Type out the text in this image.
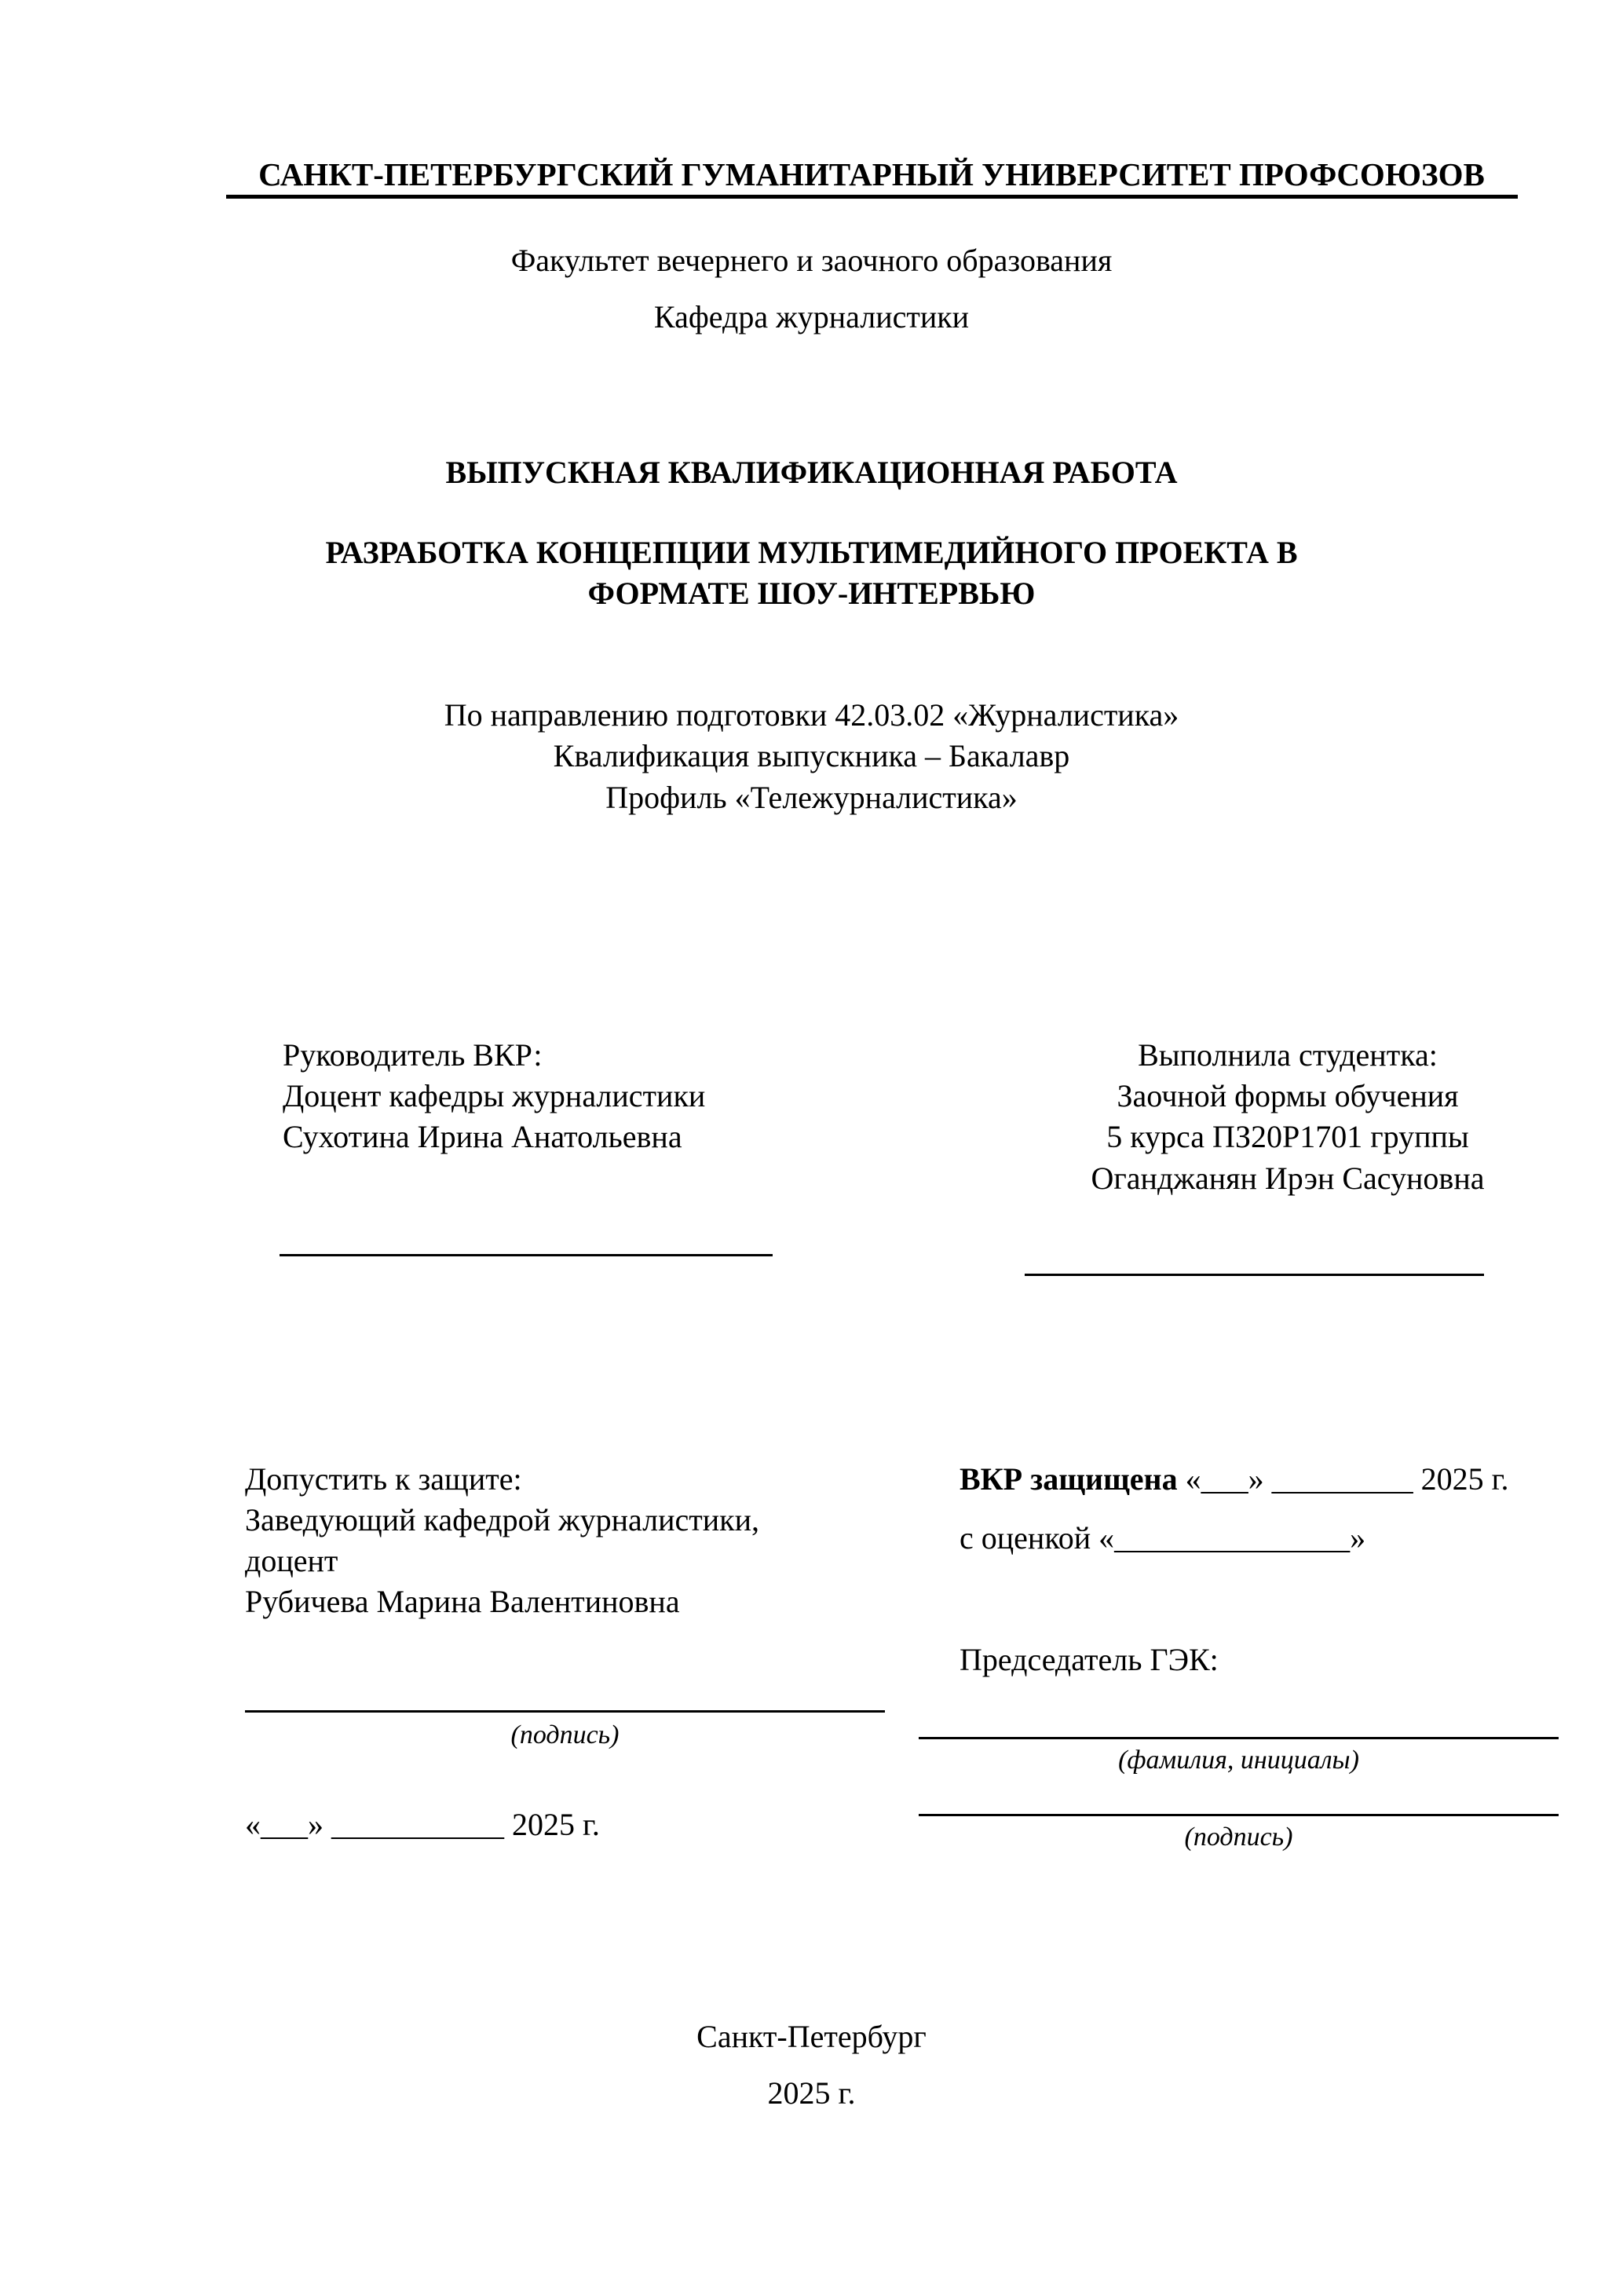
САНКТ-ПЕТЕРБУРГСКИЙ ГУМАНИТАРНЫЙ УНИВЕРСИТЕТ ПРОФСОЮЗОВ
Факультет вечернего и заочного образования
Кафедра журналистики
ВЫПУСКНАЯ КВАЛИФИКАЦИОННАЯ РАБОТА
РАЗРАБОТКА КОНЦЕПЦИИ МУЛЬТИМЕДИЙНОГО ПРОЕКТА В
ФОРМАТЕ ШОУ-ИНТЕРВЬЮ
По направлению подготовки 42.03.02 «Журналистика»
Квалификация выпускника – Бакалавр
Профиль «Тележурналистика»
Руководитель ВКР:
Доцент кафедры журналистики
Сухотина Ирина Анатольевна
Выполнила студентка:
Заочной формы обучения
5 курса ПЗ20Р1701 группы
Оганджанян Ирэн Сасуновна
Допустить к защите:
Заведующий кафедрой журналистики,
доцент
Рубичева Марина Валентиновна
(подпись)
«___» ___________ 2025 г.
ВКР защищена «___» _________ 2025 г.
с оценкой «_______________»
Председатель ГЭК:
(фамилия, инициалы)
(подпись)
Санкт-Петербург
2025 г.
